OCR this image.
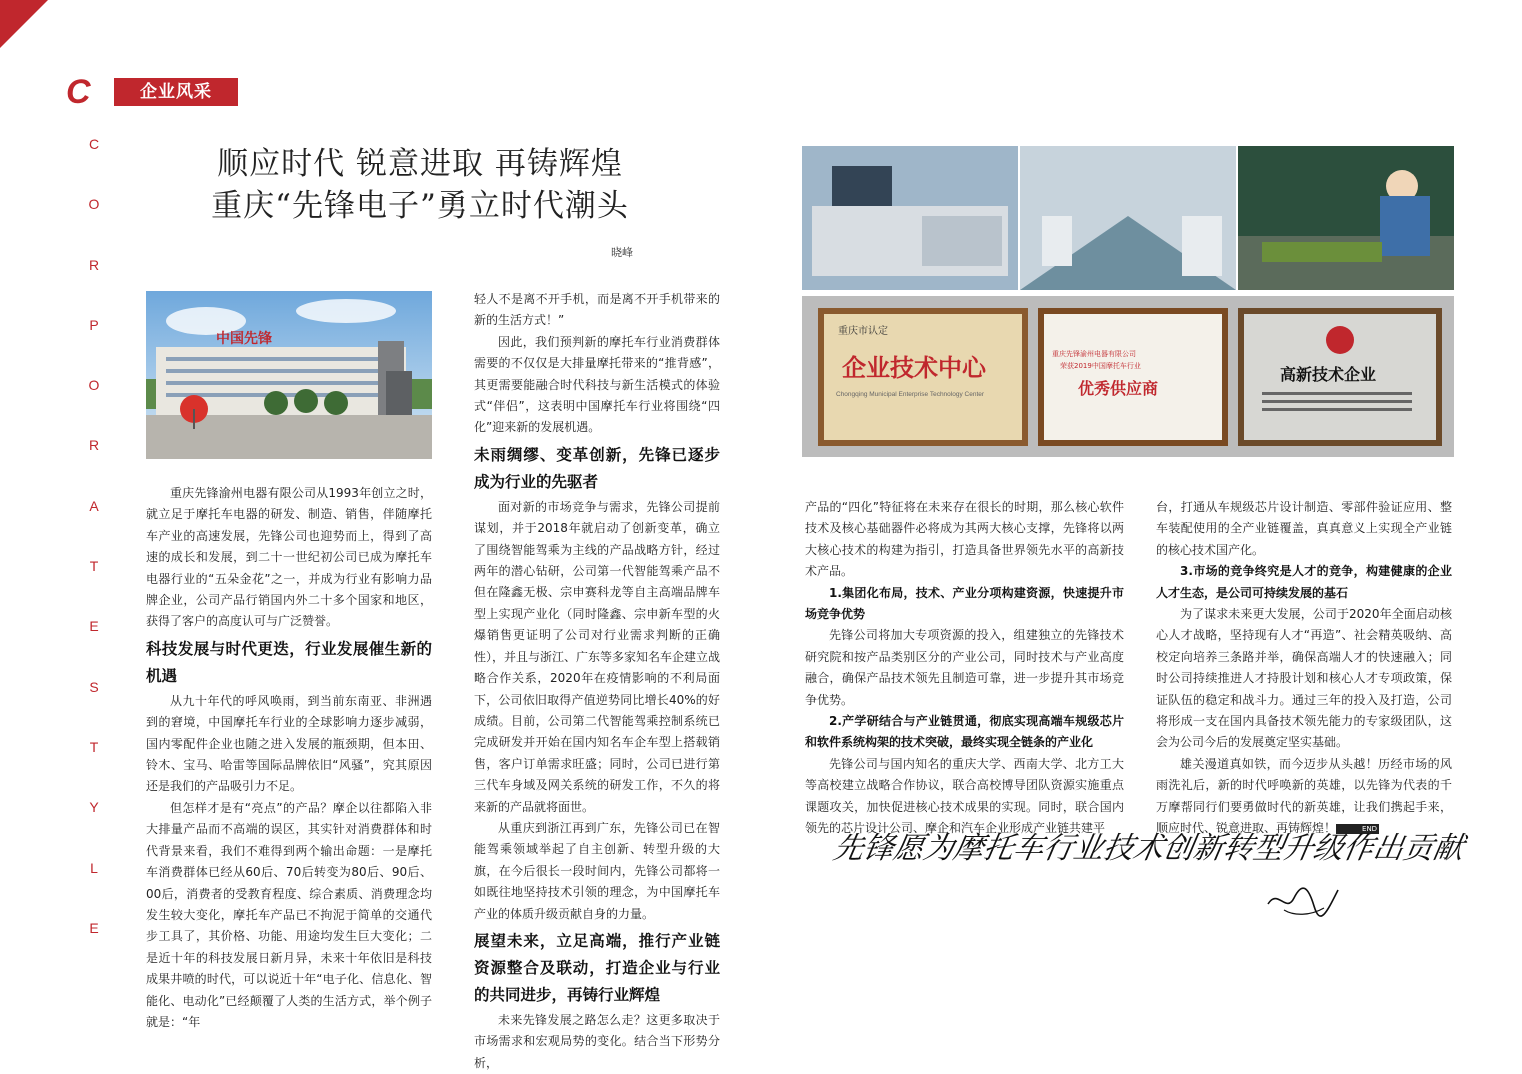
C	企业风采
C
O
R
P
O
R
A
T
E
S
T
Y
L
E
顺应时代 锐意进取 再铸辉煌
重庆“先锋电子”勇立时代潮头
晓峰
中国先锋	重庆市认定
企业技术中心
Chongqing Municipal Enterprise Technology Center
重庆先锋渝州电器有限公司
荣获2019中国摩托车行业
优秀供应商
高新技术企业

重庆先锋渝州电器有限公司从1993年创立之时，就立足于摩托车电器的研发、制造、销售，伴随摩托车产业的高速发展，先锋公司也迎势而上，得到了高速的成长和发展，到二十一世纪初公司已成为摩托车电器行业的“五朵金花”之一，并成为行业有影响力品牌企业，公司产品行销国内外二十多个国家和地区，获得了客户的高度认可与广泛赞誉。

科技发展与时代更迭，行业发展催生新的机遇

从九十年代的呼风唤雨，到当前东南亚、非洲遇到的窘境，中国摩托车行业的全球影响力逐步减弱，国内零配件企业也随之进入发展的瓶颈期，但本田、铃木、宝马、哈雷等国际品牌依旧“风骚”，究其原因还是我们的产品吸引力不足。

但怎样才是有“亮点”的产品？摩企以往都陷入非大排量产品而不高端的误区，其实针对消费群体和时代背景来看，我们不难得到两个输出命题：一是摩托车消费群体已经从60后、70后转变为80后、90后、00后，消费者的受教育程度、综合素质、消费理念均发生较大变化，摩托车产品已不拘泥于简单的交通代步工具了，其价格、功能、用途均发生巨大变化；二是近十年的科技发展日新月异，未来十年依旧是科技成果井喷的时代，可以说近十年“电子化、信息化、智能化、电动化”已经颠覆了人类的生活方式，举个例子就是：“年

轻人不是离不开手机，而是离不开手机带来的新的生活方式！”

因此，我们预判新的摩托车行业消费群体需要的不仅仅是大排量摩托带来的“推背感”，其更需要能融合时代科技与新生活模式的体验式“伴侣”，这表明中国摩托车行业将围绕“四化”迎来新的发展机遇。

未雨绸缪、变革创新，先锋已逐步成为行业的先驱者

面对新的市场竞争与需求，先锋公司提前谋划，并于2018年就启动了创新变革，确立了围绕智能驾乘为主线的产品战略方针，经过两年的潜心钻研，公司第一代智能驾乘产品不但在隆鑫无极、宗申赛科龙等自主高端品牌车型上实现产业化（同时隆鑫、宗申新车型的火爆销售更证明了公司对行业需求判断的正确性），并且与浙江、广东等多家知名车企建立战略合作关系，2020年在疫情影响的不利局面下，公司依旧取得产值逆势同比增长40%的好成绩。目前，公司第二代智能驾乘控制系统已完成研发并开始在国内知名车企车型上搭载销售，客户订单需求旺盛；同时，公司已进行第三代车身域及网关系统的研发工作，不久的将来新的产品就将面世。

从重庆到浙江再到广东，先锋公司已在智能驾乘领域举起了自主创新、转型升级的大旗，在今后很长一段时间内，先锋公司都将一如既往地坚持技术引领的理念，为中国摩托车产业的体质升级贡献自身的力量。

展望未来，立足高端，推行产业链资源整合及联动，打造企业与行业的共同进步，再铸行业辉煌

未来先锋发展之路怎么走？这更多取决于市场需求和宏观局势的变化。结合当下形势分析，

产品的“四化”特征将在未来存在很长的时期，那么核心软件技术及核心基础器件必将成为其两大核心支撑，先锋将以两大核心技术的构建为指引，打造具备世界领先水平的高新技术产品。

1.集团化布局，技术、产业分项构建资源，快速提升市场竞争优势

先锋公司将加大专项资源的投入，组建独立的先锋技术研究院和按产品类别区分的产业公司，同时技术与产业高度融合，确保产品技术领先且制造可靠，进一步提升其市场竞争优势。

2.产学研结合与产业链贯通，彻底实现高端车规级芯片和软件系统构架的技术突破，最终实现全链条的产业化

先锋公司与国内知名的重庆大学、西南大学、北方工大等高校建立战略合作协议，联合高校博导团队资源实施重点课题攻关，加快促进核心技术成果的实现。同时，联合国内领先的芯片设计公司、摩企和汽车企业形成产业链共建平

台，打通从车规级芯片设计制造、零部件验证应用、整车装配使用的全产业链覆盖，真真意义上实现全产业链的核心技术国产化。

3.市场的竞争终究是人才的竞争，构建健康的企业人才生态，是公司可持续发展的基石

为了谋求未来更大发展，公司于2020年全面启动核心人才战略，坚持现有人才“再造”、社会精英吸纳、高校定向培养三条路并举，确保高端人才的快速融入；同时公司持续推进人才持股计划和核心人才专项政策，保证队伍的稳定和战斗力。通过三年的投入及打造，公司将形成一支在国内具备技术领先能力的专家级团队，这会为公司今后的发展奠定坚实基础。

雄关漫道真如铁，而今迈步从头越！历经市场的风雨洗礼后，新的时代呼唤新的英雄，以先锋为代表的千万摩帮同行们要勇做时代的新英雄，让我们携起手来，顺应时代、锐意进取、再铸辉煌！	END

先锋愿为摩托车行业技术创新转型升级作出贡献
